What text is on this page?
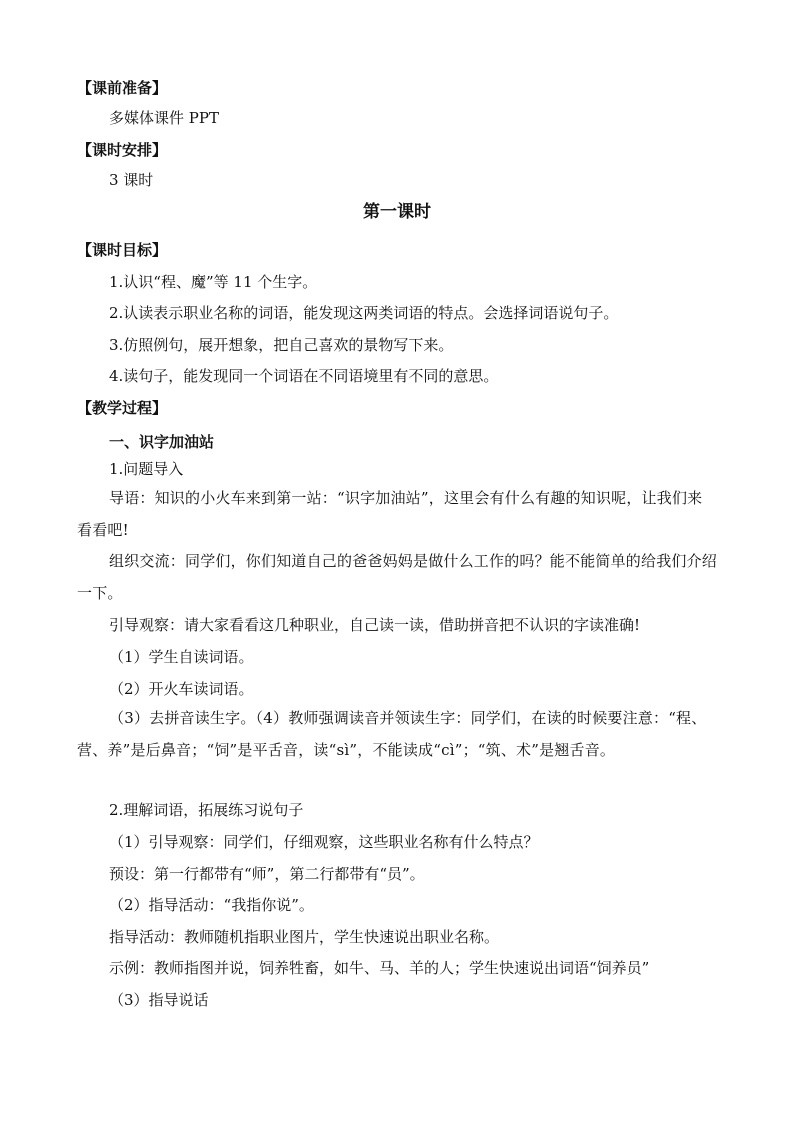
【课前准备】
多媒体课件 PPT
【课时安排】
3 课时
第一课时
【课时目标】
1.认识“程、魔”等 11 个生字。
2.认读表示职业名称的词语，能发现这两类词语的特点。会选择词语说句子。
3.仿照例句，展开想象，把自己喜欢的景物写下来。
4.读句子，能发现同一个词语在不同语境里有不同的意思。
【教学过程】
一、识字加油站
1.问题导入
导语：知识的小火车来到第一站：“识字加油站”，这里会有什么有趣的知识呢，让我们来看看吧!
组织交流：同学们，你们知道自己的爸爸妈妈是做什么工作的吗？能不能简单的给我们介绍一下。
引导观察：请大家看看这几种职业，自己读一读，借助拼音把不认识的字读准确!
（1）学生自读词语。
（2）开火车读词语。
（3）去拼音读生字。（4）教师强调读音并领读生字：同学们，在读的时候要注意：“程、营、养”是后鼻音；“饲”是平舌音，读“sì”，不能读成“cì”；“筑、术”是翘舌音。
2.理解词语，拓展练习说句子
（1）引导观察：同学们，仔细观察，这些职业名称有什么特点？
预设：第一行都带有“师”，第二行都带有“员”。
（2）指导活动：“我指你说”。
指导活动：教师随机指职业图片，学生快速说出职业名称。
示例：教师指图并说，饲养牲畜，如牛、马、羊的人；学生快速说出词语“饲养员”
（3）指导说话
